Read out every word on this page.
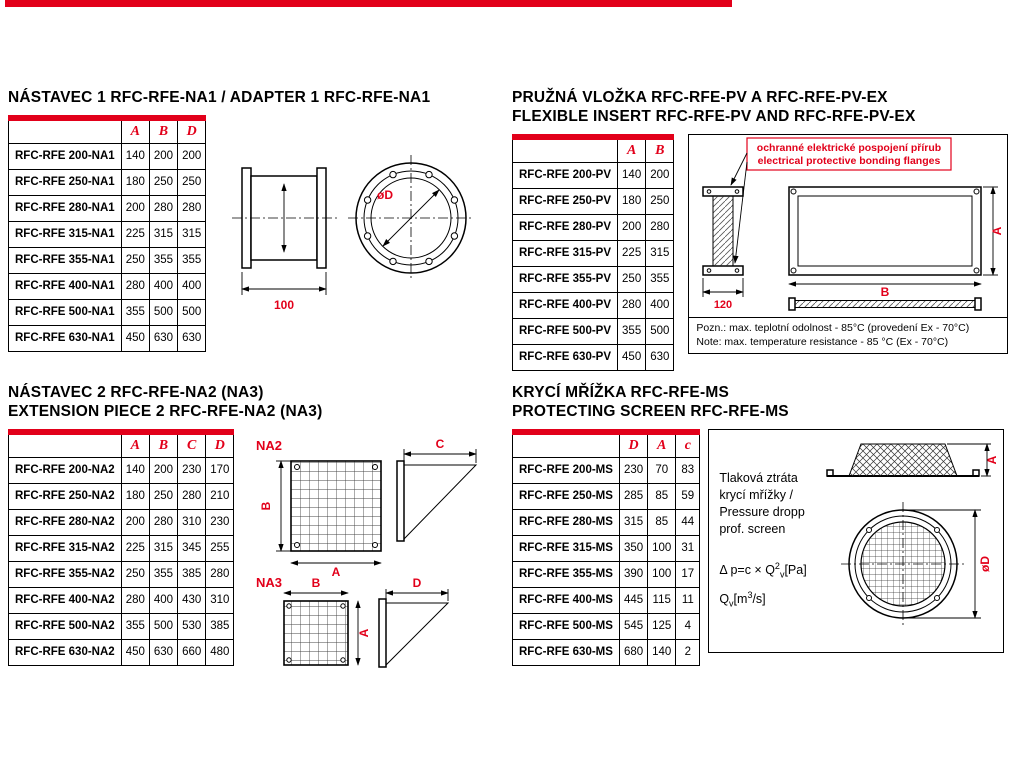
NÁSTAVEC 1 RFC-RFE-NA1 / ADAPTER 1 RFC-RFE-NA1
	A	B	D
RFC-RFE 200-NA1	140	200	200
RFC-RFE 250-NA1	180	250	250
RFC-RFE 280-NA1	200	280	280
RFC-RFE 315-NA1	225	315	315
RFC-RFE 355-NA1	250	355	355
RFC-RFE 400-NA1	280	400	400
RFC-RFE 500-NA1	355	500	500
RFC-RFE 630-NA1	450	630	630
100
øD
PRUŽNÁ VLOŽKA RFC-RFE-PV A RFC-RFE-PV-EX
FLEXIBLE INSERT RFC-RFE-PV AND RFC-RFE-PV-EX
	A	B
RFC-RFE 200-PV	140	200
RFC-RFE 250-PV	180	250
RFC-RFE 280-PV	200	280
RFC-RFE 315-PV	225	315
RFC-RFE 355-PV	250	355
RFC-RFE 400-PV	280	400
RFC-RFE 500-PV	355	500
RFC-RFE 630-PV	450	630
ochranné elektrické pospojení přírub
electrical protective bonding flanges
120
A
B
Pozn.: max. teplotní odolnost - 85°C (provedení Ex - 70°C)
Note: max. temperature resistance - 85 °C (Ex - 70°C)
NÁSTAVEC 2 RFC-RFE-NA2 (NA3)
EXTENSION PIECE 2 RFC-RFE-NA2 (NA3)
	A	B	C	D
RFC-RFE 200-NA2	140	200	230	170
RFC-RFE 250-NA2	180	250	280	210
RFC-RFE 280-NA2	200	280	310	230
RFC-RFE 315-NA2	225	315	345	255
RFC-RFE 355-NA2	250	355	385	280
RFC-RFE 400-NA2	280	400	430	310
RFC-RFE 500-NA2	355	500	530	385
RFC-RFE 630-NA2	450	630	660	480
NA2
B
A
C
NA3 B
A
D
KRYCÍ MŘÍŽKA RFC-RFE-MS
PROTECTING SCREEN RFC-RFE-MS
	D	A	c
RFC-RFE 200-MS	230	70	83
RFC-RFE 250-MS	285	85	59
RFC-RFE 280-MS	315	85	44
RFC-RFE 315-MS	350	100	31
RFC-RFE 355-MS	390	100	17
RFC-RFE 400-MS	445	115	11
RFC-RFE 500-MS	545	125	4
RFC-RFE 630-MS	680	140	2
Tlaková ztráta
krycí mřížky /
Pressure dropp
prof. screen
Δ $p=c \times Q^2_v[Pa]$
$Q_v[m^3/s]$
A
øD
